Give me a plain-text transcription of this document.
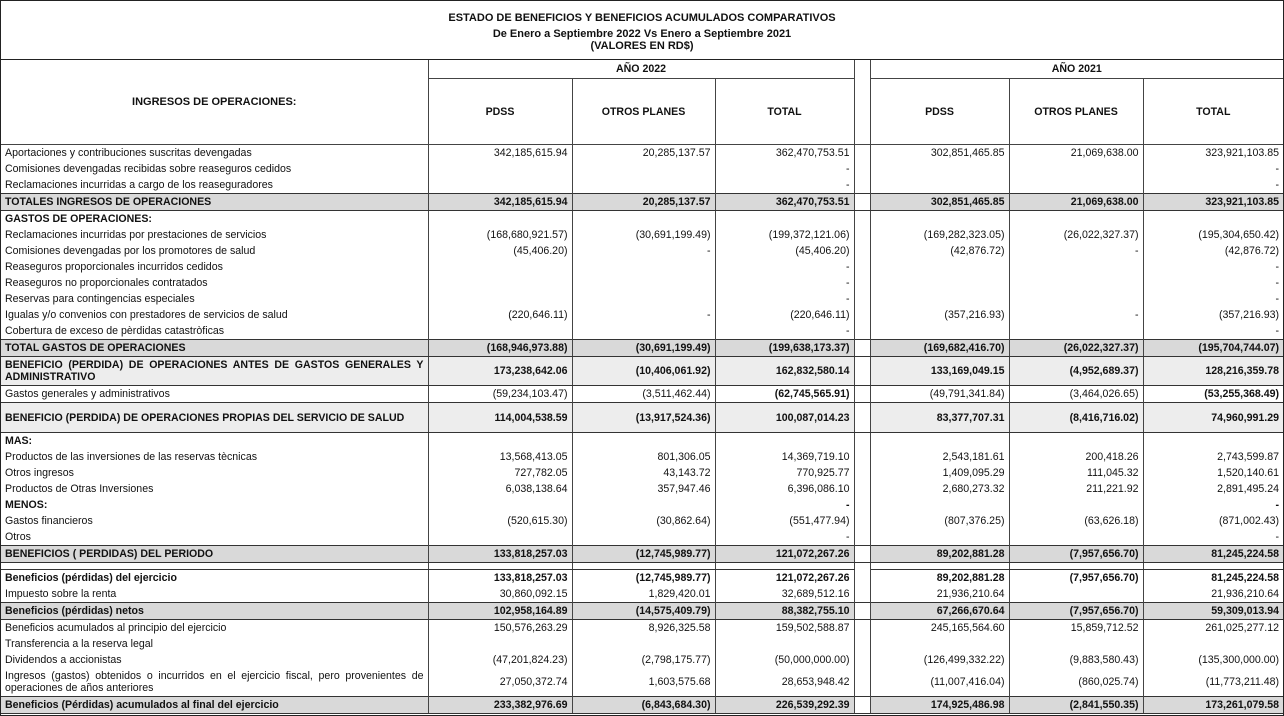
ESTADO DE BENEFICIOS Y BENEFICIOS ACUMULADOS COMPARATIVOS
De Enero a Septiembre 2022 Vs Enero a Septiembre 2021
(VALORES EN RD$)
INGRESOS DE OPERACIONES:	AÑO 2022				AÑO 2021		
	PDSS	OTROS PLANES	TOTAL		PDSS	OTROS PLANES	TOTAL
Aportaciones y contribuciones suscritas devengadas	342,185,615.94	20,285,137.57	362,470,753.51		302,851,465.85	21,069,638.00	323,921,103.85
Comisiones devengadas recibidas sobre reaseguros cedidos			-				-
Reclamaciones incurridas a cargo de los reaseguradores			-				-
TOTALES INGRESOS DE OPERACIONES	342,185,615.94	20,285,137.57	362,470,753.51		302,851,465.85	21,069,638.00	323,921,103.85
GASTOS DE OPERACIONES:							
Reclamaciones incurridas por prestaciones de servicios	(168,680,921.57)	(30,691,199.49)	(199,372,121.06)		(169,282,323.05)	(26,022,327.37)	(195,304,650.42)
Comisiones devengadas por los promotores de salud	(45,406.20)	-	(45,406.20)		(42,876.72)	-	(42,876.72)
Reaseguros proporcionales incurridos cedidos			-				-
Reaseguros no proporcionales contratados			-				-
Reservas para contingencias especiales			-				-
Igualas y/o convenios con prestadores de servicios de salud	(220,646.11)	-	(220,646.11)		(357,216.93)	-	(357,216.93)
Cobertura de exceso de pèrdidas catastròficas			-				-
TOTAL GASTOS DE OPERACIONES	(168,946,973.88)	(30,691,199.49)	(199,638,173.37)		(169,682,416.70)	(26,022,327.37)	(195,704,744.07)
BENEFICIO (PERDIDA) DE OPERACIONES ANTES DE GASTOS GENERALES Y ADMINISTRATIVO	173,238,642.06	(10,406,061.92)	162,832,580.14		133,169,049.15	(4,952,689.37)	128,216,359.78
Gastos generales y administrativos	(59,234,103.47)	(3,511,462.44)	(62,745,565.91)		(49,791,341.84)	(3,464,026.65)	(53,255,368.49)
BENEFICIO (PERDIDA) DE OPERACIONES PROPIAS DEL SERVICIO DE SALUD	114,004,538.59	(13,917,524.36)	100,087,014.23		83,377,707.31	(8,416,716.02)	74,960,991.29
MAS:							
Productos de las inversiones de las reservas tècnicas	13,568,413.05	801,306.05	14,369,719.10		2,543,181.61	200,418.26	2,743,599.87
Otros ingresos	727,782.05	43,143.72	770,925.77		1,409,095.29	111,045.32	1,520,140.61
Productos de Otras Inversiones	6,038,138.64	357,947.46	6,396,086.10		2,680,273.32	211,221.92	2,891,495.24
MENOS:			-				-
Gastos financieros	(520,615.30)	(30,862.64)	(551,477.94)		(807,376.25)	(63,626.18)	(871,002.43)
Otros			-				-
BENEFICIOS ( PERDIDAS) DEL PERIODO	133,818,257.03	(12,745,989.77)	121,072,267.26		89,202,881.28	(7,957,656.70)	81,245,224.58

Beneficios (pérdidas) del ejercicio	133,818,257.03	(12,745,989.77)	121,072,267.26		89,202,881.28	(7,957,656.70)	81,245,224.58
Impuesto sobre la renta	30,860,092.15	1,829,420.01	32,689,512.16		21,936,210.64		21,936,210.64
Beneficios (pérdidas) netos	102,958,164.89	(14,575,409.79)	88,382,755.10		67,266,670.64	(7,957,656.70)	59,309,013.94
Beneficios acumulados al principio del ejercicio	150,576,263.29	8,926,325.58	159,502,588.87		245,165,564.60	15,859,712.52	261,025,277.12
Transferencia a la reserva legal							
Dividendos a accionistas	(47,201,824.23)	(2,798,175.77)	(50,000,000.00)		(126,499,332.22)	(9,883,580.43)	(135,300,000.00)
Ingresos (gastos) obtenidos o incurridos en el ejercicio fiscal, pero provenientes de operaciones de años anteriores	27,050,372.74	1,603,575.68	28,653,948.42		(11,007,416.04)	(860,025.74)	(11,773,211.48)
Beneficios (Pérdidas) acumulados al final del ejercicio	233,382,976.69	(6,843,684.30)	226,539,292.39		174,925,486.98	(2,841,550.35)	173,261,079.58
